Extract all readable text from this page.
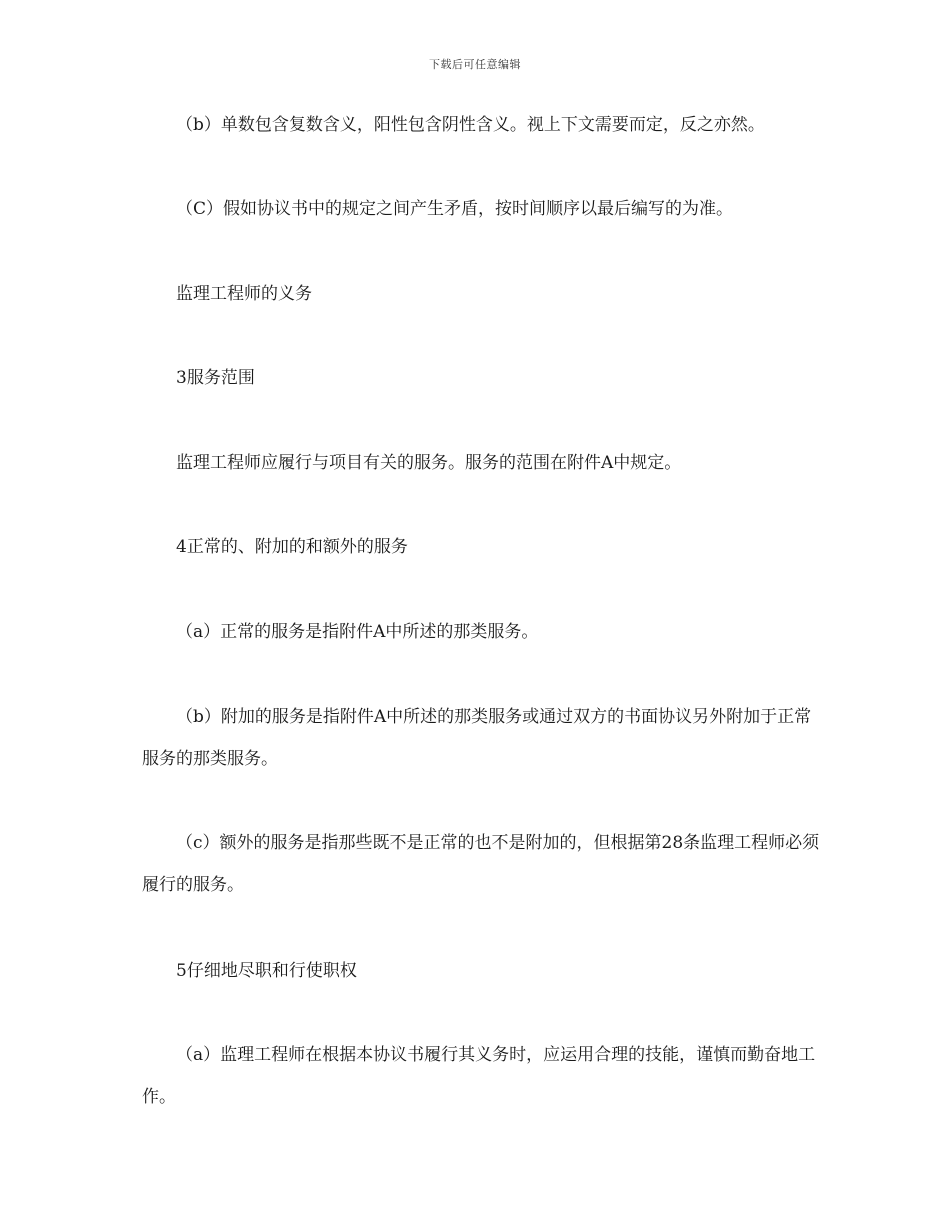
下载后可任意编辑

（b）单数包含复数含义，阳性包含阴性含义。视上下文需要而定，反之亦然。

（C）假如协议书中的规定之间产生矛盾，按时间顺序以最后编写的为准。

监理工程师的义务

3服务范围

监理工程师应履行与项目有关的服务。服务的范围在附件A中规定。

4正常的、附加的和额外的服务

（a）正常的服务是指附件A中所述的那类服务。

（b）附加的服务是指附件A中所述的那类服务或通过双方的书面协议另外附加于正常服务的那类服务。

（c）额外的服务是指那些既不是正常的也不是附加的，但根据第28条监理工程师必须履行的服务。

5仔细地尽职和行使职权

（a）监理工程师在根据本协议书履行其义务时，应运用合理的技能，谨慎而勤奋地工作。
